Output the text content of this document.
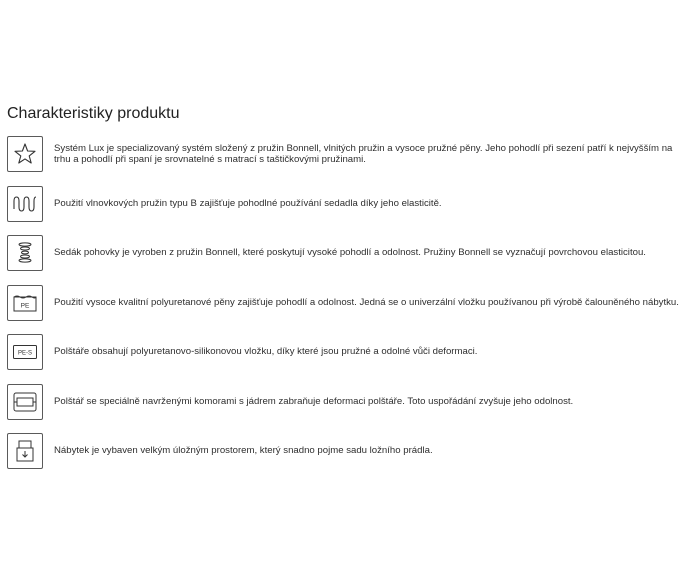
Charakteristiky produktu
Systém Lux je specializovaný systém složený z pružin Bonnell, vlnitých pružin a vysoce pružné pěny. Jeho pohodlí při sezení patří k nejvyšším na trhu a pohodlí při spaní je srovnatelné s matrací s taštičkovými pružinami.
Použití vlnovkových pružin typu B zajišťuje pohodlné používání sedadla díky jeho elasticitě.
Sedák pohovky je vyroben z pružin Bonnell, které poskytují vysoké pohodlí a odolnost. Pružiny Bonnell se vyznačují povrchovou elasticitou.
PE	Použití vysoce kvalitní polyuretanové pěny zajišťuje pohodlí a odolnost. Jedná se o univerzální vložku používanou při výrobě čalouněného nábytku.
PE-S Polštáře obsahují polyuretanovo-silikonovou vložku, díky které jsou pružné a odolné vůči deformaci.
Polštář se speciálně navrženými komorami s jádrem zabraňuje deformaci polštáře. Toto uspořádání zvyšuje jeho odolnost.
Nábytek je vybaven velkým úložným prostorem, který snadno pojme sadu ložního prádla.
